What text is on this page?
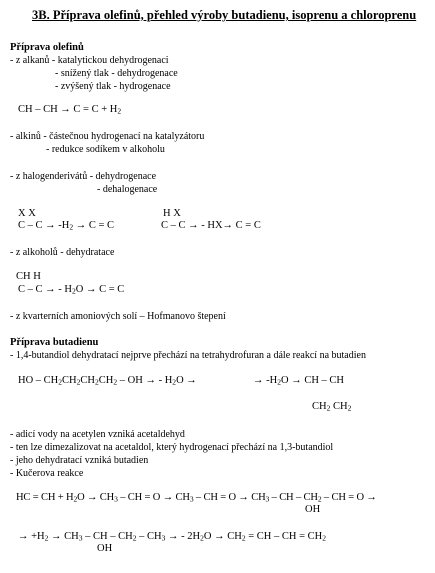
3B. Příprava olefinů, přehled výroby butadienu, isoprenu a chloroprenu
Příprava olefinů
- z alkanů - katalytickou dehydrogenaci
- snížený tlak - dehydrogenace
- zvýšený tlak - hydrogenace
CH – CH → $C = C + H_2$
- alkinů - částečnou hydrogenací na katalyzátoru
- redukce sodíkem v alkoholu
- z halogenderivátů - dehydrogenace
- dehalogenace
X X
$C - C \to -H_2 \to C = C$
H X
C – C → - HX→ C = C
- z alkoholů - dehydratace
CH H
C – C → - $H_2O \to C = C$
- z kvarterních amoniových solí – Hofmanovo štepení
Příprava butadienu
- 1,4-butandiol dehydratací nejprve přechází na tetrahydrofuran a dále reakcí na butadien
HO – $CH_2CH_2CH_2CH_2$ – OH → - $H_2O$ →	→ $-H_2O$ → CH – CH
$CH_2$ $CH_2$
- adicí vody na acetylen vzniká acetaldehyd
- ten lze dimezalizovat na acetaldol, který hydrogenací přechází na 1,3-butandiol
- jeho dehydratací vzniká butadien
- Kučerova reakce
HC = CH + $H_2O \to CH_3$ – CH = $O \to CH_3$ – CH = $O \to CH_3$ – CH – $CH_2$ – CH = O →
OH
→ $+H_2 \to CH_3$ – CH – $CH_2 - CH_3$ → - $2H_2O \to CH_2$ = CH – CH = $CH_2$
OH
